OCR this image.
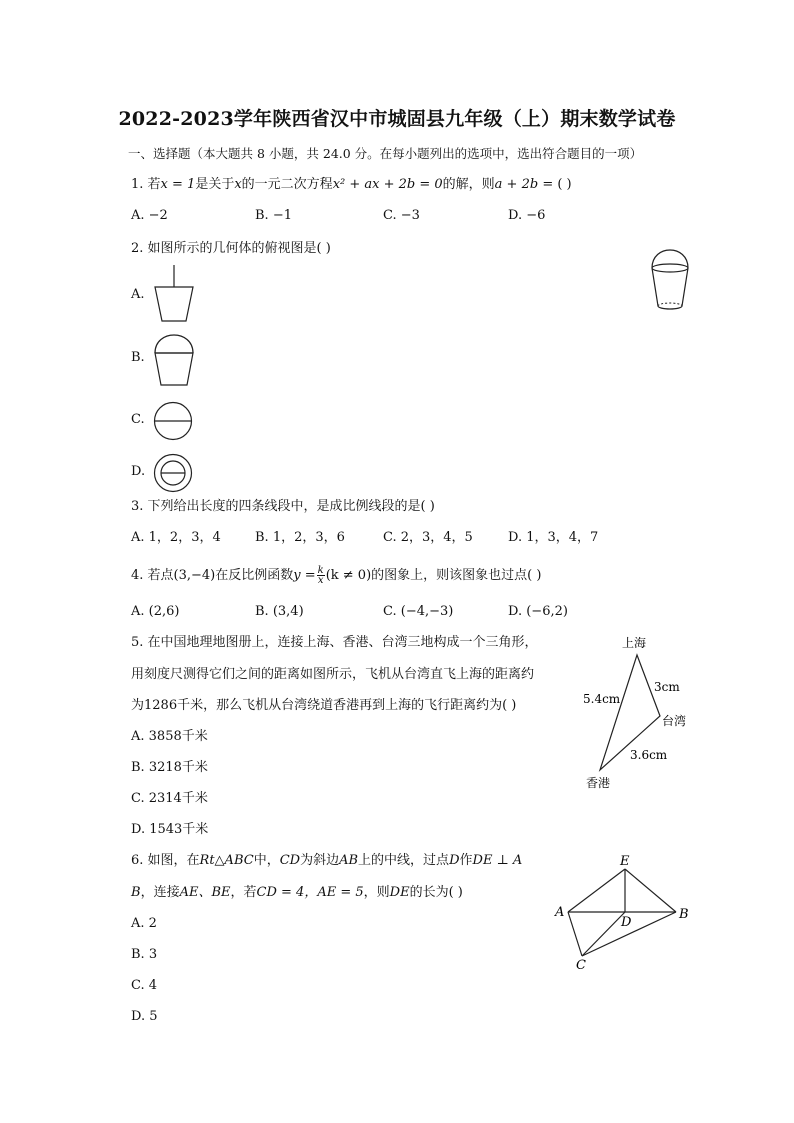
2022-2023学年陕西省汉中市城固县九年级（上）期末数学试卷
一、选择题（本大题共 8 小题，共 24.0 分。在每小题列出的选项中，选出符合题目的一项）
1. 若x = 1是关于x的一元二次方程x² + ax + 2b = 0的解，则a + 2b = ( )
A. −2	B. −1	C. −3	D. −6
2. 如图所示的几何体的俯视图是( )
A.
B.
C.
D.
3. 下列给出长度的四条线段中，是成比例线段的是( )
A. 1，2，3，4	B. 1，2，3，6	C. 2，3，4，5	D. 1，3，4，7
4. 若点(3,−4)在反比例函数$y = \frac{k}{x} (k \ne 0)$的图象上，则该图象也过点( )
A. (2,6)	B. (3,4)	C. (−4,−3)	D. (−6,2)
5. 在中国地理地图册上，连接上海、香港、台湾三地构成一个三角形，
用刻度尺测得它们之间的距离如图所示，飞机从台湾直飞上海的距离约
为1286千米，那么飞机从台湾绕道香港再到上海的飞行距离约为( )
A. 3858千米
B. 3218千米
C. 2314千米
D. 1543千米
上海
台湾
香港
5.4cm
3cm
3.6cm
6. 如图，在Rt△ABC中，CD为斜边AB上的中线，过点D作DE ⊥ A
B，连接AE、BE，若CD = 4，AE = 5，则DE的长为( )
A. 2
B. 3
C. 4
D. 5
E
A
D
B
C
